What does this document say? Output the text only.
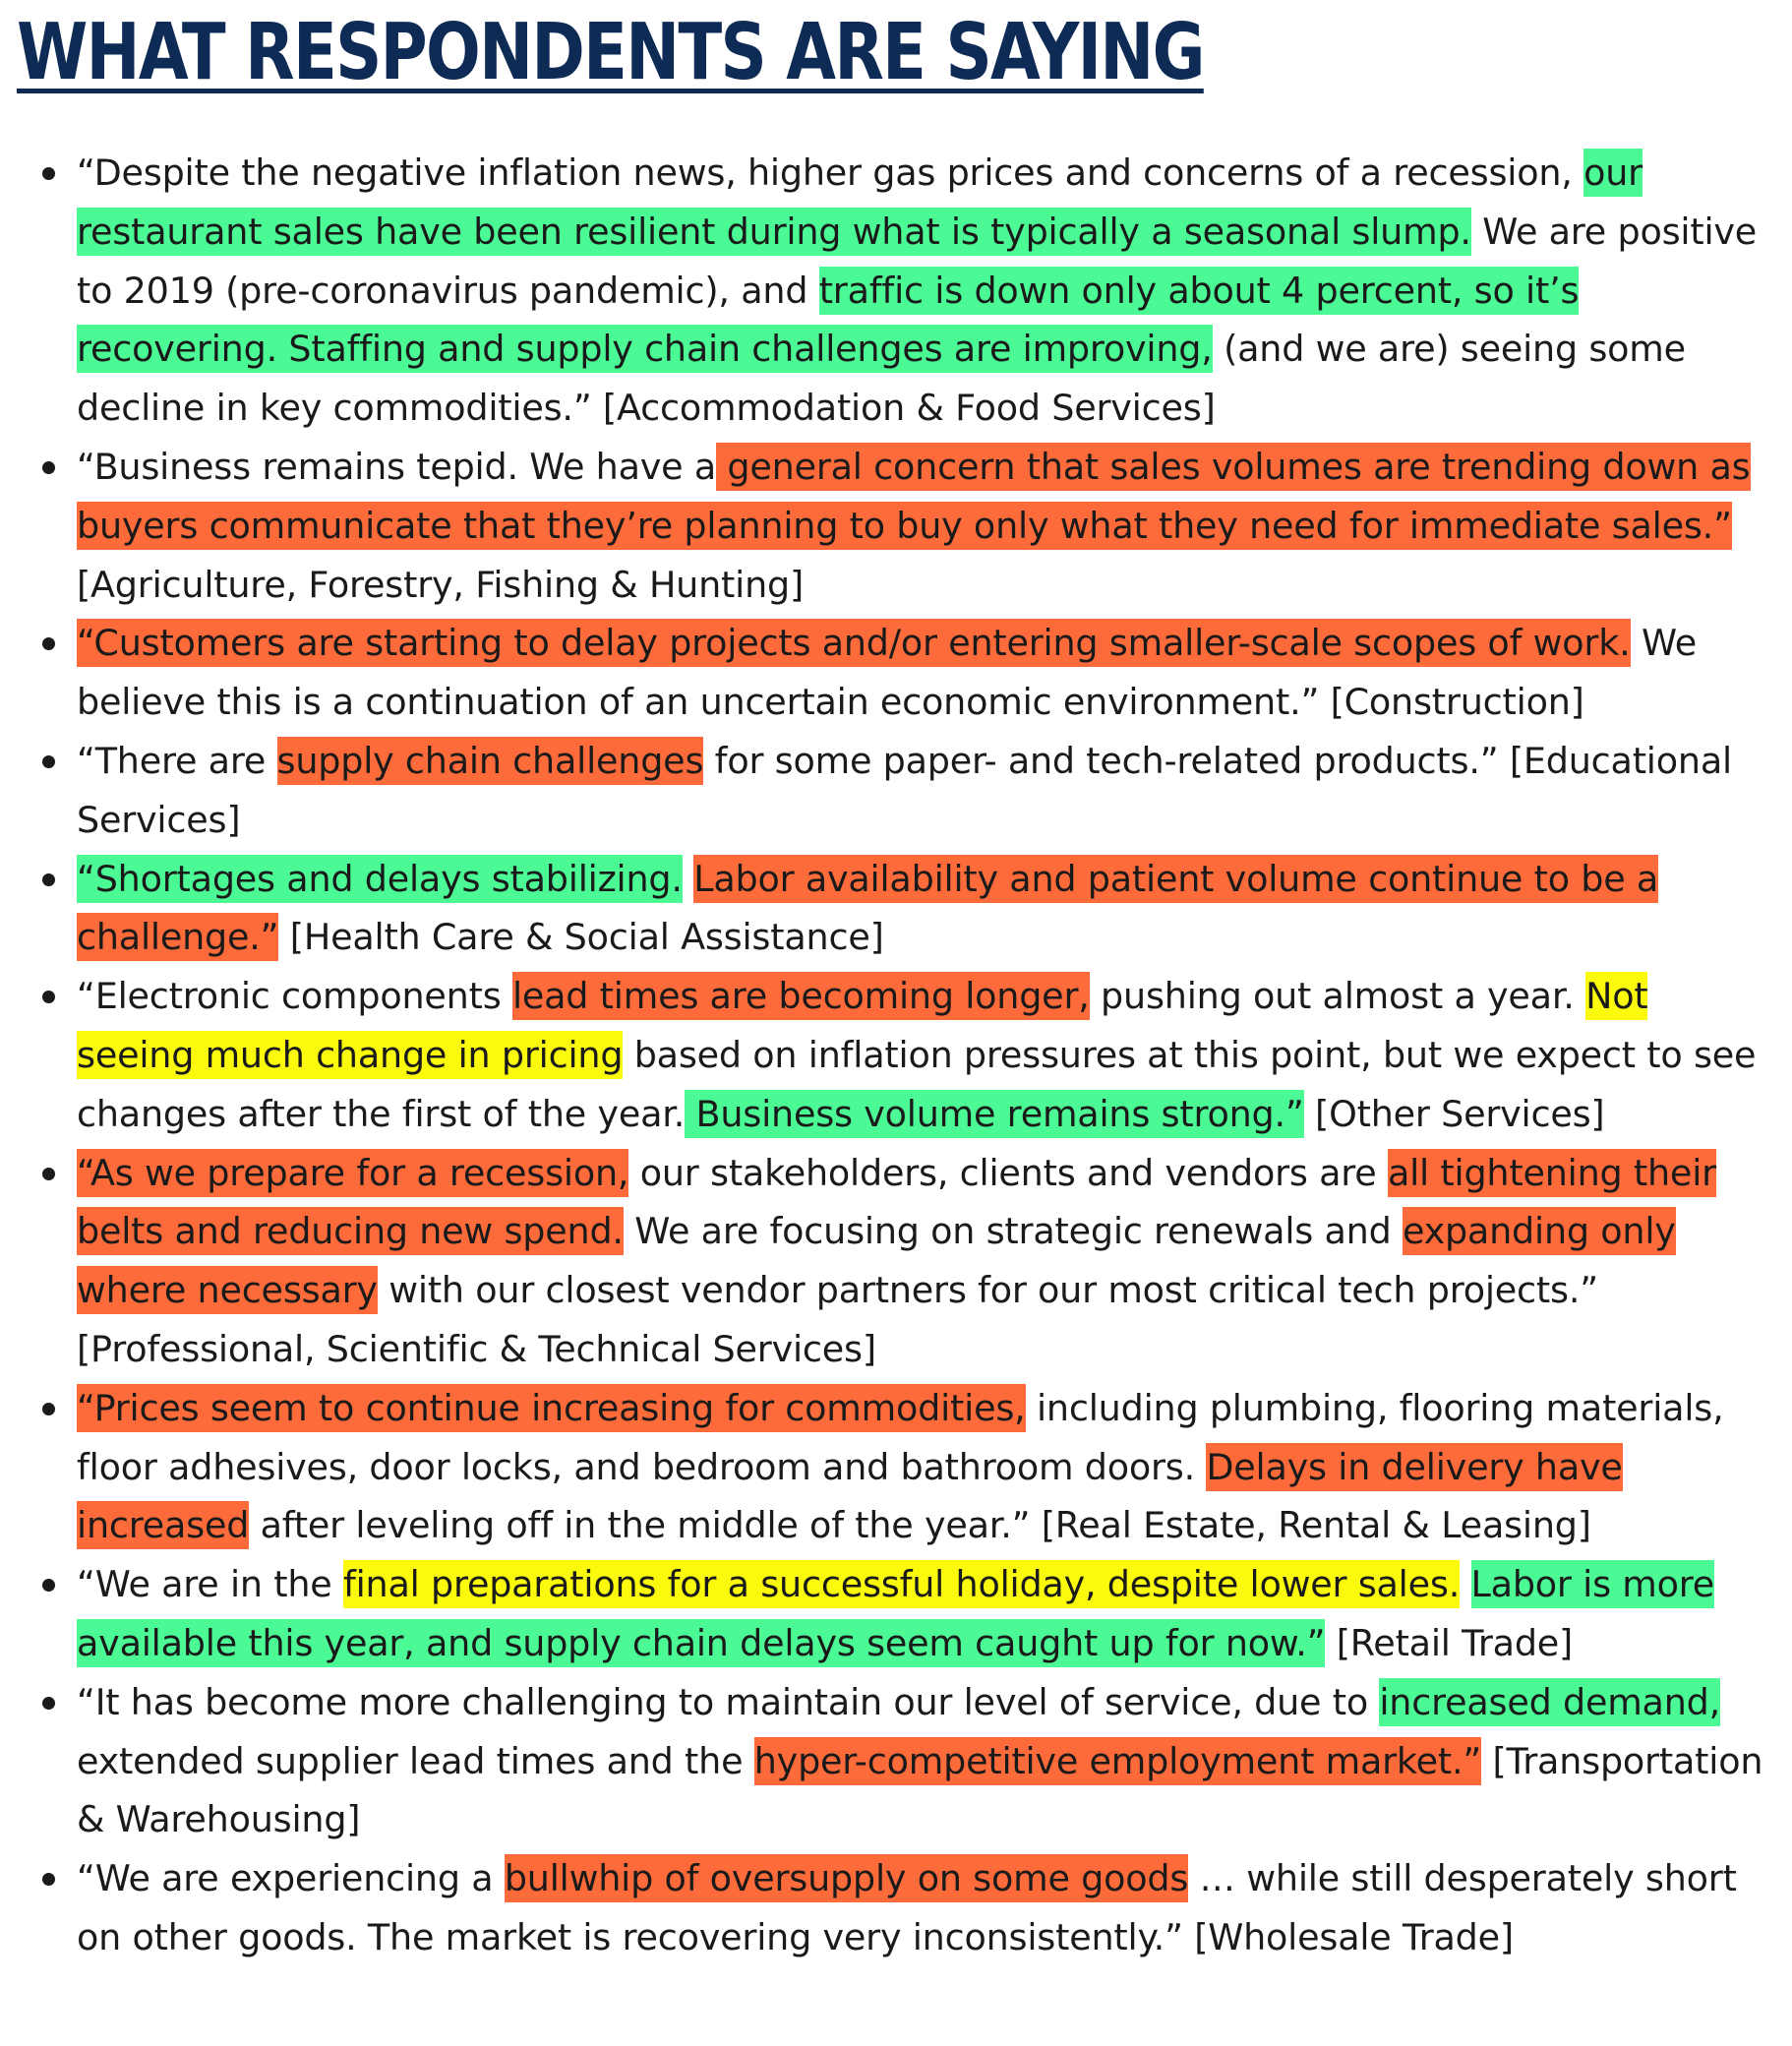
WHAT RESPONDENTS ARE SAYING
“Despite the negative inflation news, higher gas prices and concerns of a recession, our restaurant sales have been resilient during what is typically a seasonal slump. We are positive to 2019 (pre-coronavirus pandemic), and traffic is down only about 4 percent, so it’s recovering. Staffing and supply chain challenges are improving, (and we are) seeing some decline in key commodities.” [Accommodation & Food Services]
“Business remains tepid. We have a general concern that sales volumes are trending down as buyers communicate that they’re planning to buy only what they need for immediate sales.” [Agriculture, Forestry, Fishing & Hunting]
“Customers are starting to delay projects and/or entering smaller-scale scopes of work. We believe this is a continuation of an uncertain economic environment.” [Construction]
“There are supply chain challenges for some paper- and tech-related products.” [Educational Services]
“Shortages and delays stabilizing. Labor availability and patient volume continue to be a challenge.” [Health Care & Social Assistance]
“Electronic components lead times are becoming longer, pushing out almost a year. Not seeing much change in pricing based on inflation pressures at this point, but we expect to see changes after the first of the year. Business volume remains strong.” [Other Services]
“As we prepare for a recession, our stakeholders, clients and vendors are all tightening their belts and reducing new spend. We are focusing on strategic renewals and expanding only where necessary with our closest vendor partners for our most critical tech projects.” [Professional, Scientific & Technical Services]
“Prices seem to continue increasing for commodities, including plumbing, flooring materials, floor adhesives, door locks, and bedroom and bathroom doors. Delays in delivery have increased after leveling off in the middle of the year.” [Real Estate, Rental & Leasing]
“We are in the final preparations for a successful holiday, despite lower sales. Labor is more available this year, and supply chain delays seem caught up for now.” [Retail Trade]
“It has become more challenging to maintain our level of service, due to increased demand, extended supplier lead times and the hyper-competitive employment market.” [Transportation & Warehousing]
“We are experiencing a bullwhip of oversupply on some goods … while still desperately short on other goods. The market is recovering very inconsistently.” [Wholesale Trade]
